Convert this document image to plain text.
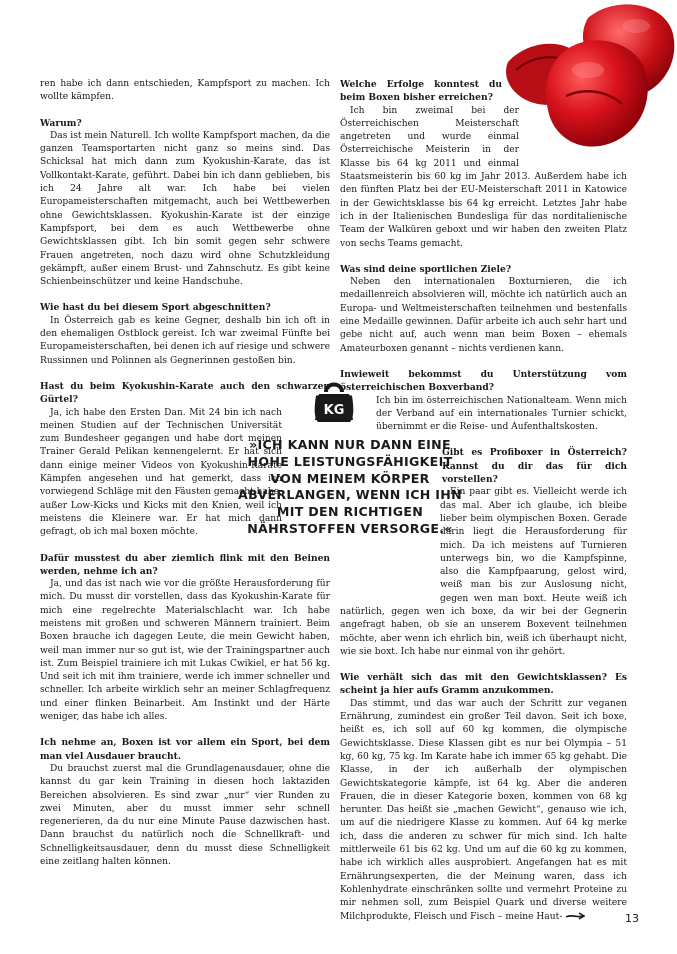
KG
»ICH KANN NUR DANN EINE HOHE LEISTUNGSFÄHIGKEIT VON MEINEM KÖRPER ABVERLANGEN, WENN ICH IHN MIT DEN RICHTIGEN NÄHRSTOFFEN VERSORGE.«

ren habe ich dann entschieden, Kampfsport zu machen. Ich wollte kämpfen.

Warum?

Das ist mein Naturell. Ich wollte Kampfsport machen, da die ganzen Teamsportarten nicht ganz so meins sind. Das Schicksal hat mich dann zum Kyokushin-Karate, das ist Vollkontakt-Karate, geführt. Dabei bin ich dann geblieben, bis ich 24 Jahre alt war. Ich habe bei vielen Europameisterschaften mitgemacht, auch bei Wettbewerben ohne Gewichtsklassen. Kyokushin-Karate ist der einzige Kampfsport, bei dem es auch Wettbewerbe ohne Gewichtsklassen gibt. Ich bin somit gegen sehr schwere Frauen angetreten, noch dazu wird ohne Schutzkleidung gekämpft, außer einem Brust- und Zahnschutz. Es gibt keine Schienbeinschützer und keine Handschuhe.

Wie hast du bei diesem Sport abgeschnitten?

In Österreich gab es keine Gegner, deshalb bin ich oft in den ehemaligen Ostblock gereist. Ich war zweimal Fünfte bei Europameisterschaften, bei denen ich auf riesige und schwere Russinnen und Polinnen als Gegnerinnen gestoßen bin.

Hast du beim Kyokushin-Karate auch den schwarzen Gürtel?

Ja, ich habe den Ersten Dan. Mit 24 bin ich nach meinen Studien auf der Technischen Universität zum Bundesheer gegangen und habe dort meinen Trainer Gerald Pelikan kennengelernt. Er hat sich dann einige meiner Videos von Kyokushin-Karate Kämpfen angesehen und hat gemerkt, dass ich vorwiegend Schläge mit den Fäusten gemacht habe, außer Low-Kicks und Kicks mit den Knien, weil ich meistens die Kleinere war. Er hat mich dann gefragt, ob ich mal boxen möchte.

Dafür musstest du aber ziemlich flink mit den Beinen werden, nehme ich an?

Ja, und das ist nach wie vor die größte Herausforderung für mich. Du musst dir vorstellen, dass das Kyokushin-Karate für mich eine regelrechte Materialschlacht war. Ich habe meistens mit großen und schweren Männern trainiert. Beim Boxen brauche ich dagegen Leute, die mein Gewicht haben, weil man immer nur so gut ist, wie der Trainingspartner auch ist. Zum Beispiel trainiere ich mit Lukas Cwikiel, er hat 56 kg. Und seit ich mit ihm trainiere, werde ich immer schneller und schneller. Ich arbeite wirklich sehr an meiner Schlagfrequenz und einer flinken Beinarbeit. Am Instinkt und der Härte weniger, das habe ich alles.

Ich nehme an, Boxen ist vor allem ein Sport, bei dem man viel Ausdauer braucht.

Du brauchst zuerst mal die Grundlagenausdauer, ohne die kannst du gar kein Training in diesen hoch laktaziden Bereichen absolvieren. Es sind zwar „nur“ vier Runden zu zwei Minuten, aber du musst immer sehr schnell regenerieren, da du nur eine Minute Pause dazwischen hast. Dann brauchst du natürlich noch die Schnellkraft- und Schnelligkeitsausdauer, denn du musst diese Schnelligkeit eine zeitlang halten können.

Welche Erfolge konntest du beim Boxen bisher erreichen?

Ich bin zweimal bei der Österreichischen Meisterschaft angetreten und wurde einmal Österreichische Meisterin in der Klasse bis 64 kg 2011 und einmal Staatsmeisterin bis 60 kg im Jahr 2013. Außerdem habe ich den fünften Platz bei der EU-Meisterschaft 2011 in Katowice in der Gewichtsklasse bis 64 kg erreicht. Letztes Jahr habe ich in der Italienischen Bundesliga für das norditalienische Team der Walküren geboxt und wir haben den zweiten Platz von sechs Teams gemacht.

Was sind deine sportlichen Ziele?

Neben den internationalen Boxturnieren, die ich medaillenreich absolvieren will, möchte ich natürlich auch an Europa- und Weltmeisterschaften teilnehmen und bestenfalls eine Medaille gewinnen. Dafür arbeite ich auch sehr hart und gebe nicht auf, auch wenn man beim Boxen – ehemals Amateurboxen genannt – nichts verdienen kann.

Inwieweit bekommst du Unterstützung vom österreichischen Boxverband?

Ich bin im österreichischen Nationalteam. Wenn mich der Verband auf ein internationales Turnier schickt, übernimmt er die Reise- und Aufenthaltskosten.

Gibt es Profiboxer in Österreich? Kannst du dir das für dich vorstellen?

Ein paar gibt es. Vielleicht werde ich das mal. Aber ich glaube, ich bleibe lieber beim olympischen Boxen. Gerade darin liegt die Herausforderung für mich. Da ich meistens auf Turnieren unterwegs bin, wo die Kampfspinne, also die Kampfpaarung, gelost wird, weiß man bis zur Auslosung nicht, gegen wen man boxt. Heute weiß ich natürlich, gegen wen ich boxe, da wir bei der Gegnerin angefragt haben, ob sie an unserem Boxevent teilnehmen möchte, aber wenn ich ehrlich bin, weiß ich überhaupt nicht, wie sie boxt. Ich habe nur einmal von ihr gehört.

Wie verhält sich das mit den Gewichtsklassen? Es scheint ja hier aufs Gramm anzukommen.

Das stimmt, und das war auch der Schritt zur veganen Ernährung, zumindest ein großer Teil davon. Seit ich boxe, heißt es, ich soll auf 60 kg kommen, die olympische Gewichtsklasse. Diese Klassen gibt es nur bei Olympia – 51 kg, 60 kg, 75 kg. Im Karate habe ich immer 65 kg gehabt. Die Klasse, in der ich außerhalb der olympischen Gewichtskategorie kämpfe, ist 64 kg. Aber die anderen Frauen, die in dieser Kategorie boxen, kommen von 68 kg herunter. Das heißt sie „machen Gewicht“, genauso wie ich, um auf die niedrigere Klasse zu kommen. Auf 64 kg merke ich, dass die anderen zu schwer für mich sind. Ich halte mittlerweile 61 bis 62 kg. Und um auf die 60 kg zu kommen, habe ich wirklich alles ausprobiert. Angefangen hat es mit Ernährungsexperten, die der Meinung waren, dass ich Kohlenhydrate einschränken sollte und vermehrt Proteine zu mir nehmen soll, zum Beispiel Quark und diverse weitere Milchprodukte, Fleisch und Fisch – meine Haut-	13
